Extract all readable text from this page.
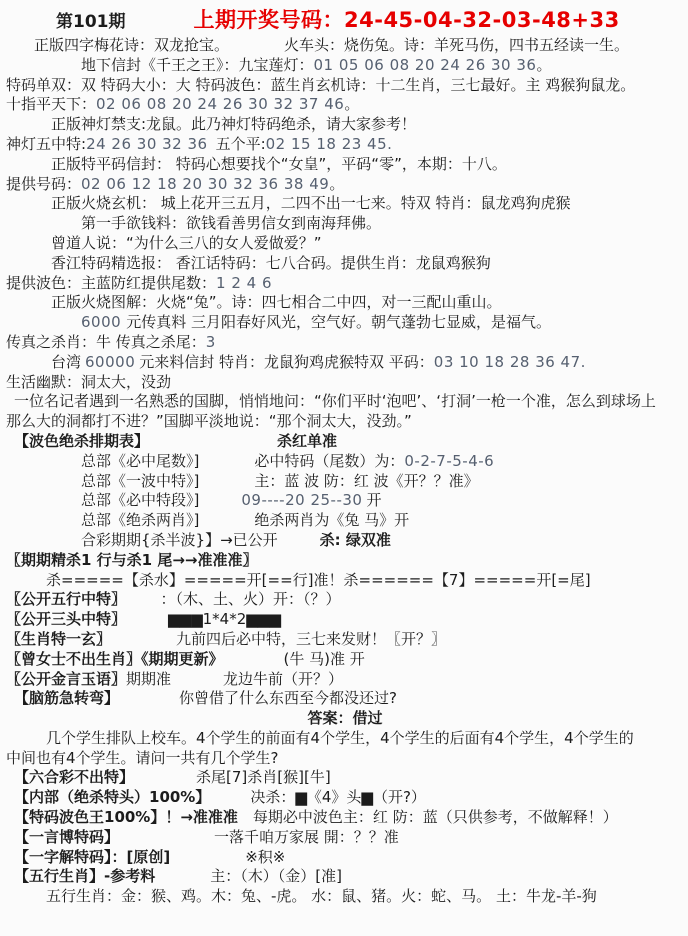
第101期	上期开奖号码：24-45-04-32-03-48+33
正版四字梅花诗：双龙抢宝。	火车头：烧伤兔。诗：羊死马伤，四书五经读一生。
地下信封《千王之王》：九宝莲灯：01 05 06 08 20 24 26 30 36。
特码单双：双 特码大小：大 特码波色：蓝生肖玄机诗：十二生肖，三七最好。主 鸡猴狗鼠龙。
十指平天下：02 06 08 20 24 26 30 32 37 46。
正版神灯禁支:龙鼠。此乃神灯特码绝杀，请大家参考！
神灯五中特:24 26 30 32 36 五个平:02 15 18 23 45.
正版特平码信封： 特码心想要找个“女皇”，平码“零”，本期：十八。
提供号码：02 06 12 18 20 30 32 36 38 49。
正版火烧玄机： 城上花开三五月，二四不出一七来。特双 特肖：鼠龙鸡狗虎猴
第一手欲钱料：欲钱看善男信女到南海拜佛。
曾道人说：“为什么三八的女人爱做爱？”
香江特码精选报： 香江话特码：七八合码。提供生肖：龙鼠鸡猴狗
提供波色：主蓝防红提供尾数：1 2 4 6
正版火烧图解：火烧“兔”。诗：四七相合二中四，对一三配山重山。
6000 元传真料 三月阳春好风光，空气好。朝气蓬勃七显威，是福气。
传真之杀肖：牛 传真之杀尾：3
台湾 60000 元来料信封 特肖：龙鼠狗鸡虎猴特双 平码：03 10 18 28 36 47.
生活幽默：洞太大，没劲
一位名记者遇到一名熟悉的国脚，悄悄地问：“你们平时‘泡吧’、‘打洞’一枪一个准，怎么到球场上
那么大的洞都打不进？”国脚平淡地说：“那个洞太大，没劲。”
【波色绝杀排期表】	杀红单准
总部《必中尾数》]	必中特码（尾数）为：0-2-7-5-4-6
总部《一波中特》]	主：蓝 波 防：红 波《开？？准》
总部《必中特段》]	09----20 25--30 开
总部《绝杀两肖》]	绝杀两肖为《兔 马》开
合彩期期{杀半波}】→已公开	杀: 绿双准
〖期期精杀1 行与杀1 尾→→准准准〗
杀=====【杀水】=====开[==行]准！杀======【7】=====开[=尾]
〖公开五行中特〗	：（木、土、火）开：（？）
〖公开三头中特〗	▆▆▆1*4*2▆▆▆
〖生肖特一玄〗	九前四后必中特，三七来发财！〖开？〗
〖曾女士不出生肖〗《期期更新》	(牛 马)准 开
〖公开金言玉语〗期期准	龙边牛前（开？）
【脑筋急转弯】	你曾借了什么东西至今都没还过?
答案：借过
几个学生排队上校车。4个学生的前面有4个学生，4个学生的后面有4个学生，4个学生的
中间也有4个学生。请问一共有几个学生?
【六合彩不出特】	杀尾[7]杀肖[猴][牛]
【内部（绝杀特头）100%】	决杀：▆《4》头▆（开?）
【特码波色王100%】！→准准准 每期必中波色主：红 防：蓝（只供参考，不做解释！）
【一言博特码】	一落千咱万家展 開：？？准
【一字解特码】：[原创]	※积※
【五行生肖】-参考料	主：（木）（金）[准]
五行生肖：金：猴、鸡。木：兔、-虎。 水：鼠、猪。火：蛇、马。 土：牛龙-羊-狗
